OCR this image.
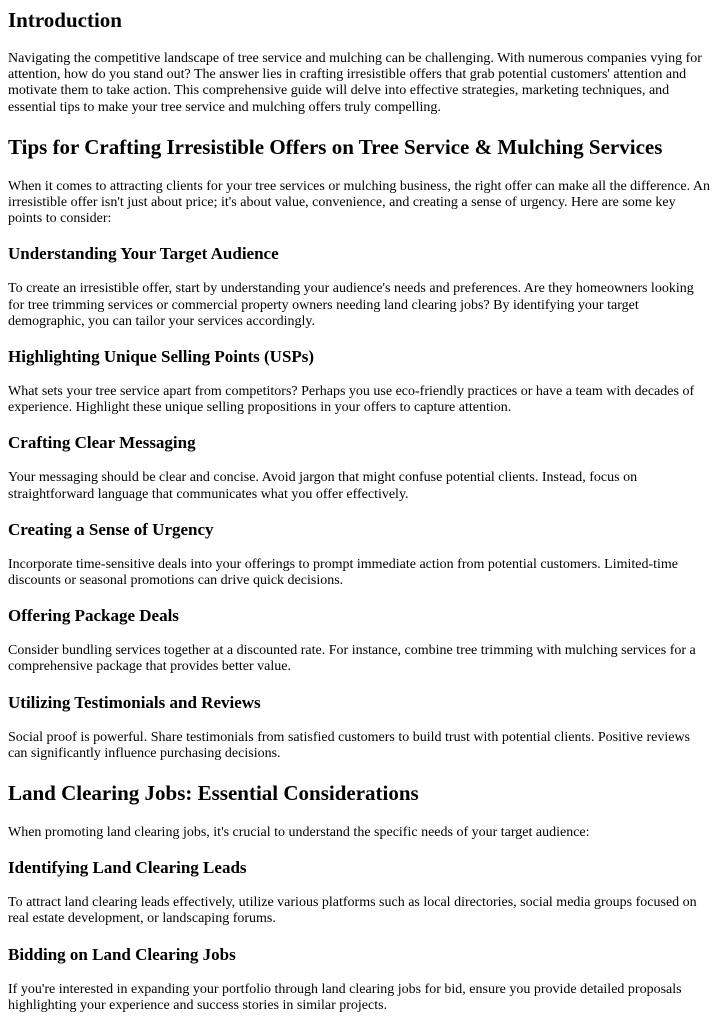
Introduction

Navigating the competitive landscape of tree service and mulching can be challenging. With numerous companies vying for attention, how do you stand out? The answer lies in crafting irresistible offers that grab potential customers' attention and motivate them to take action. This comprehensive guide will delve into effective strategies, marketing techniques, and essential tips to make your tree service and mulching offers truly compelling.

Tips for Crafting Irresistible Offers on Tree Service & Mulching Services

When it comes to attracting clients for your tree services or mulching business, the right offer can make all the difference. An irresistible offer isn't just about price; it's about value, convenience, and creating a sense of urgency. Here are some key points to consider:

Understanding Your Target Audience

To create an irresistible offer, start by understanding your audience's needs and preferences. Are they homeowners looking for tree trimming services or commercial property owners needing land clearing jobs? By identifying your target demographic, you can tailor your services accordingly.

Highlighting Unique Selling Points (USPs)

What sets your tree service apart from competitors? Perhaps you use eco-friendly practices or have a team with decades of experience. Highlight these unique selling propositions in your offers to capture attention.

Crafting Clear Messaging

Your messaging should be clear and concise. Avoid jargon that might confuse potential clients. Instead, focus on straightforward language that communicates what you offer effectively.

Creating a Sense of Urgency

Incorporate time-sensitive deals into your offerings to prompt immediate action from potential customers. Limited-time discounts or seasonal promotions can drive quick decisions.

Offering Package Deals

Consider bundling services together at a discounted rate. For instance, combine tree trimming with mulching services for a comprehensive package that provides better value.

Utilizing Testimonials and Reviews

Social proof is powerful. Share testimonials from satisfied customers to build trust with potential clients. Positive reviews can significantly influence purchasing decisions.

Land Clearing Jobs: Essential Considerations

When promoting land clearing jobs, it's crucial to understand the specific needs of your target audience:

Identifying Land Clearing Leads

To attract land clearing leads effectively, utilize various platforms such as local directories, social media groups focused on real estate development, or landscaping forums.

Bidding on Land Clearing Jobs

If you're interested in expanding your portfolio through land clearing jobs for bid, ensure you provide detailed proposals highlighting your experience and success stories in similar projects.
